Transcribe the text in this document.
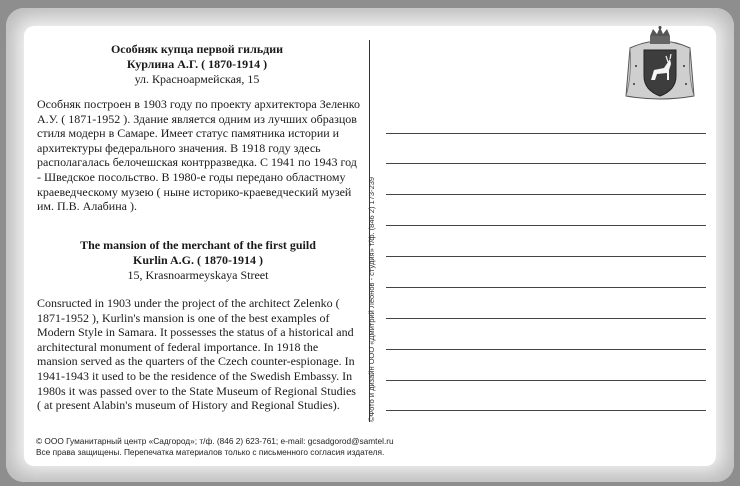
Особняк купца первой гильдии
Курлина А.Г. ( 1870-1914 )
ул. Красноармейская, 15

Особняк построен в 1903 году по проекту архитектора Зеленко А.У. ( 1871-1952 ). Здание является одним из лучших образцов стиля модерн в Самаре. Имеет статус памятника истории и архитектуры федерального значения. В 1918 году здесь располагалась белочешская контрразведка. С 1941 по 1943 год - Шведское посольство. В 1980-е годы передано областному краеведческому музею ( ныне историко-краеведческий музей им. П.В. Алабина ).

The mansion of the merchant of the first guild
Kurlin A.G. ( 1870-1914 )
15, Krasnoarmeyskaya Street

Consructed in 1903 under the project of the architect Zelenko ( 1871-1952 ), Kurlin's mansion is one of the best examples of Modern Style in Samara. It possesses the status of a historical and architectural monument of federal importance. In 1918 the mansion served as the quarters of the Czech counter-espionage. In 1941-1943 it used to be the residence of the Swedish Embassy. In 1980s it was passed over to the State Museum of Regional Studies ( at present Alabin's museum of History and Regional Studies).	©Фото и дизайн ООО «Дмитрий Леонов - студия» т/ф. (846 2) 173-239
© ООО Гуманитарный центр «Садгород»; т/ф. (846 2) 623-761; e-mail: gcsadgorod@samtel.ru
Все права защищены. Перепечатка материалов только с письменного согласия издателя.
